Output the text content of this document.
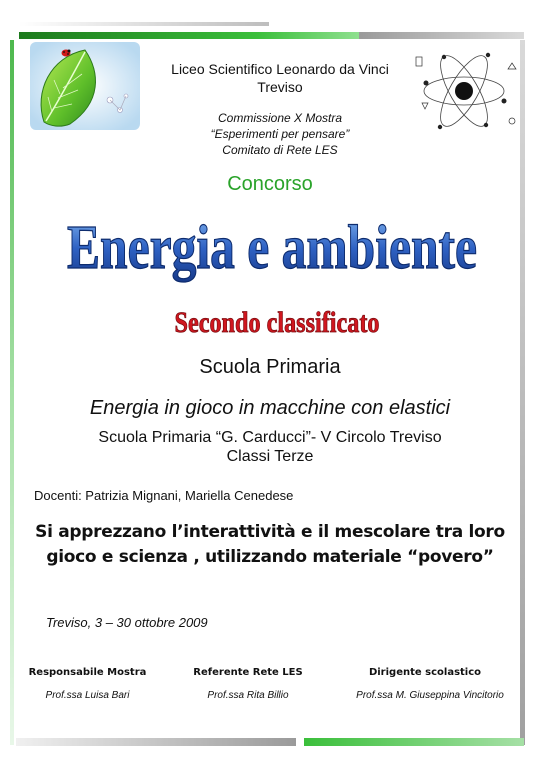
Liceo Scientifico Leonardo da Vinci
Treviso
Commissione X Mostra
“Esperimenti per pensare”
Comitato di Rete LES
Concorso
Energia e ambiente
Secondo classificato
Scuola Primaria
Energia in gioco in macchine con elastici
Scuola Primaria “G. Carducci”- V Circolo Treviso
Classi Terze
Docenti: Patrizia Mignani, Mariella Cenedese
Si apprezzano l’interattività e il mescolare tra loro gioco e scienza , utilizzando materiale “povero”
Treviso, 3 – 30 ottobre 2009
Responsabile Mostra	Referente Rete LES	Dirigente scolastico
Prof.ssa Luisa Bari	Prof.ssa Rita Billio	Prof.ssa M. Giuseppina Vincitorio
